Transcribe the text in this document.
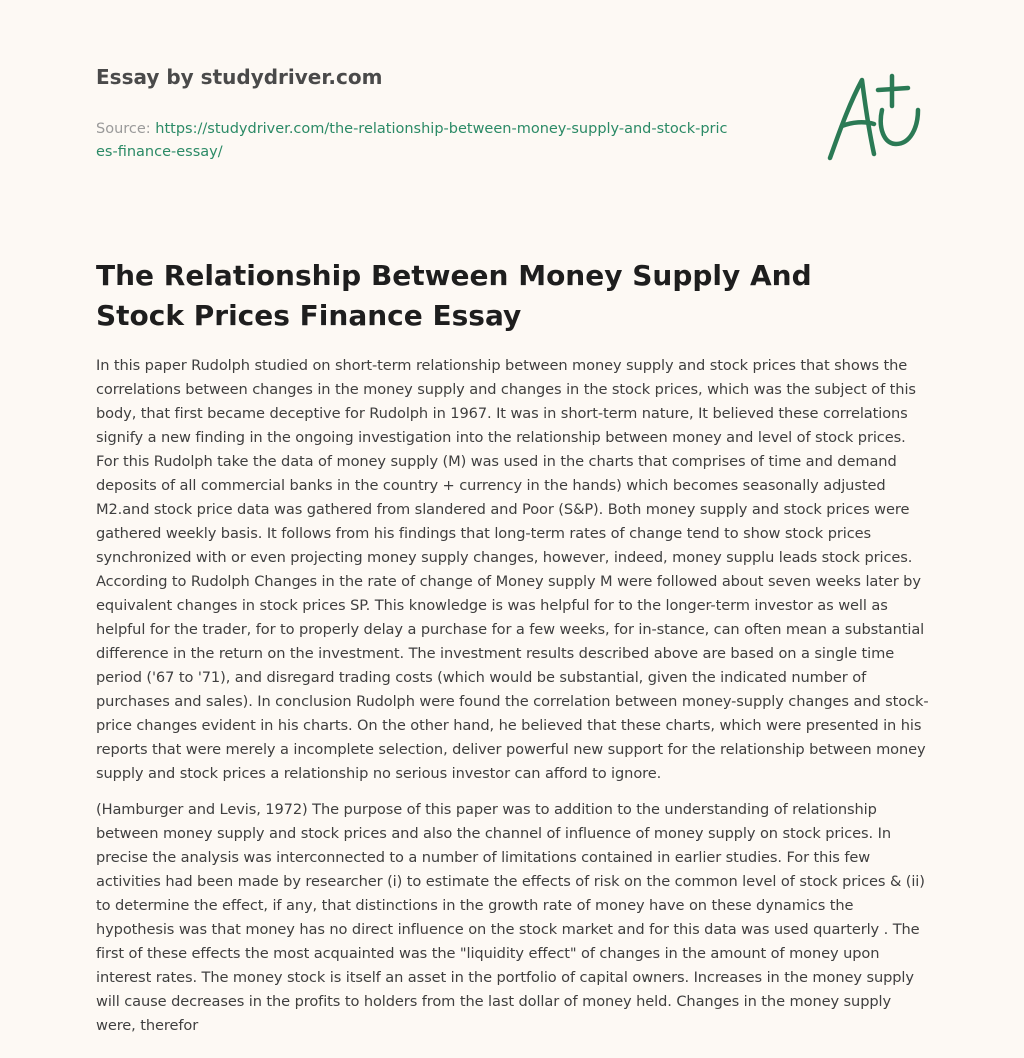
Essay by studydriver.com
Source: https://studydriver.com/the-relationship-between-money-supply-and-stock-prices-finance-essay/
The Relationship Between Money Supply And Stock Prices Finance Essay

In this paper Rudolph studied on short-term relationship between money supply and stock prices that shows the correlations between changes in the money supply and changes in the stock prices, which was the subject of this body, that first became deceptive for Rudolph in 1967. It was in short-term nature, It believed these correlations signify a new finding in the ongoing investigation into the relationship between money and level of stock prices. For this Rudolph take the data of money supply (M) was used in the charts that comprises of time and demand deposits of all commercial banks in the country + currency in the hands) which becomes seasonally adjusted M2.and stock price data was gathered from slandered and Poor (S&P). Both money supply and stock prices were gathered weekly basis. It follows from his findings that long-term rates of change tend to show stock prices synchronized with or even projecting money supply changes, however, indeed, money supplu leads stock prices. According to Rudolph Changes in the rate of change of Money supply M were followed about seven weeks later by equivalent changes in stock prices SP. This knowledge is was helpful for to the longer-term investor as well as helpful for the trader, for to properly delay a purchase for a few weeks, for in-stance, can often mean a substantial difference in the return on the investment. The investment results described above are based on a single time period ('67 to '71), and disregard trading costs (which would be substantial, given the indicated number of purchases and sales). In conclusion Rudolph were found the correlation between money-supply changes and stock-price changes evident in his charts. On the other hand, he believed that these charts, which were presented in his reports that were merely a incomplete selection, deliver powerful new support for the relationship between money supply and stock prices a relationship no serious investor can afford to ignore.

(Hamburger and Levis, 1972) The purpose of this paper was to addition to the understanding of relationship between money supply and stock prices and also the channel of influence of money supply on stock prices. In precise the analysis was interconnected to a number of limitations contained in earlier studies. For this few activities had been made by researcher (i) to estimate the effects of risk on the common level of stock prices & (ii) to determine the effect, if any, that distinctions in the growth rate of money have on these dynamics the hypothesis was that money has no direct influence on the stock market and for this data was used quarterly . The first of these effects the most acquainted was the "liquidity effect" of changes in the amount of money upon interest rates. The money stock is itself an asset in the portfolio of capital owners. Increases in the money supply will cause decreases in the profits to holders from the last dollar of money held. Changes in the money supply were, therefor
